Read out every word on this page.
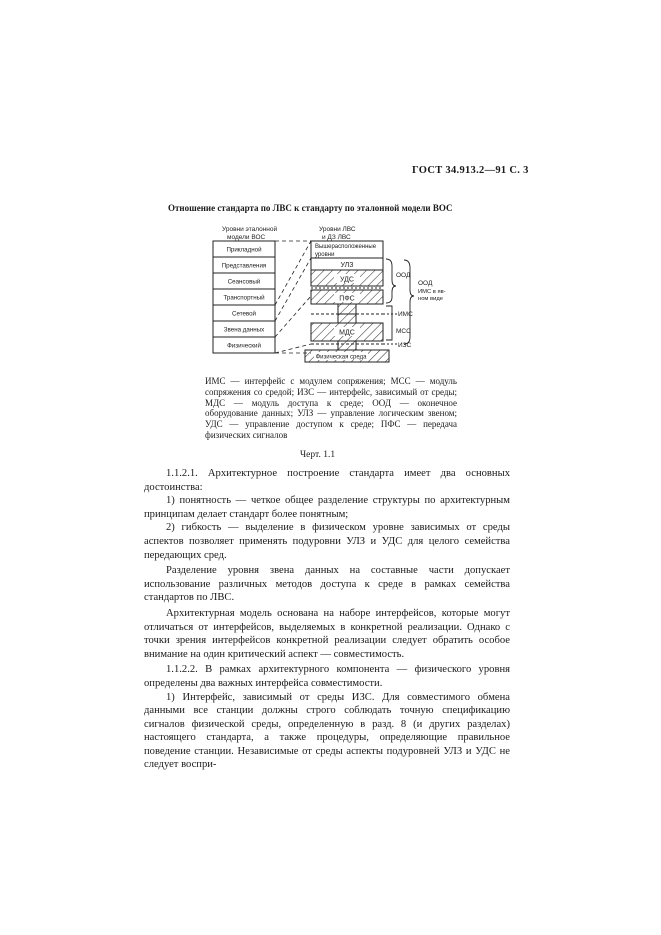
ГОСТ 34.913.2—91 С. 3
Отношение стандарта по ЛВС к стандарту по эталонной модели ВОС
Уровни эталонной
модели ВОС
Уровни ЛВС
и ДЗ ЛВС
Прикладной
Представления
Сеансовый
Транспортный
Сетевой
Звена данных
Физический
Вышерасположенные
уровни
УЛЗ
УДС
ПФС
МДС
Физическая среда
ООД
ООД
ИМС в яв-
ном виде
ИМС
МСС
ИЗС
ИМС — интерфейс с модулем сопряжения; МСС — модуль сопряжения со средой; ИЗС — интерфейс, зависимый от среды; МДС — модуль доступа к среде; ООД — оконечное оборудование данных; УЛЗ — управление логическим звеном; УДС — управление доступом к среде; ПФС — передача физических сигналов
Черт. 1.1

1.1.2.1. Архитектурное построение стандарта имеет два основных достоинства:

1) понятность — четкое общее разделение структуры по архитектурным принципам делает стандарт более понятным;

2) гибкость — выделение в физическом уровне зависимых от среды аспектов позволяет применять подуровни УЛЗ и УДС для целого семейства передающих сред.

Разделение уровня звена данных на составные части допускает использование различных методов доступа к среде в рамках семейства стандартов по ЛВС.

Архитектурная модель основана на наборе интерфейсов, которые могут отличаться от интерфейсов, выделяемых в конкретной реализации. Однако с точки зрения интерфейсов конкретной реализации следует обратить особое внимание на один критический аспект — совместимость.

1.1.2.2. В рамках архитектурного компонента — физического уровня определены два важных интерфейса совместимости.

1) Интерфейс, зависимый от среды ИЗС. Для совместимого обмена данными все станции должны строго соблюдать точную спецификацию сигналов физической среды, определенную в разд. 8 (и других разделах) настоящего стандарта, а также процедуры, определяющие правильное поведение станции. Независимые от среды аспекты подуровней УЛЗ и УДС не следует воспри-
